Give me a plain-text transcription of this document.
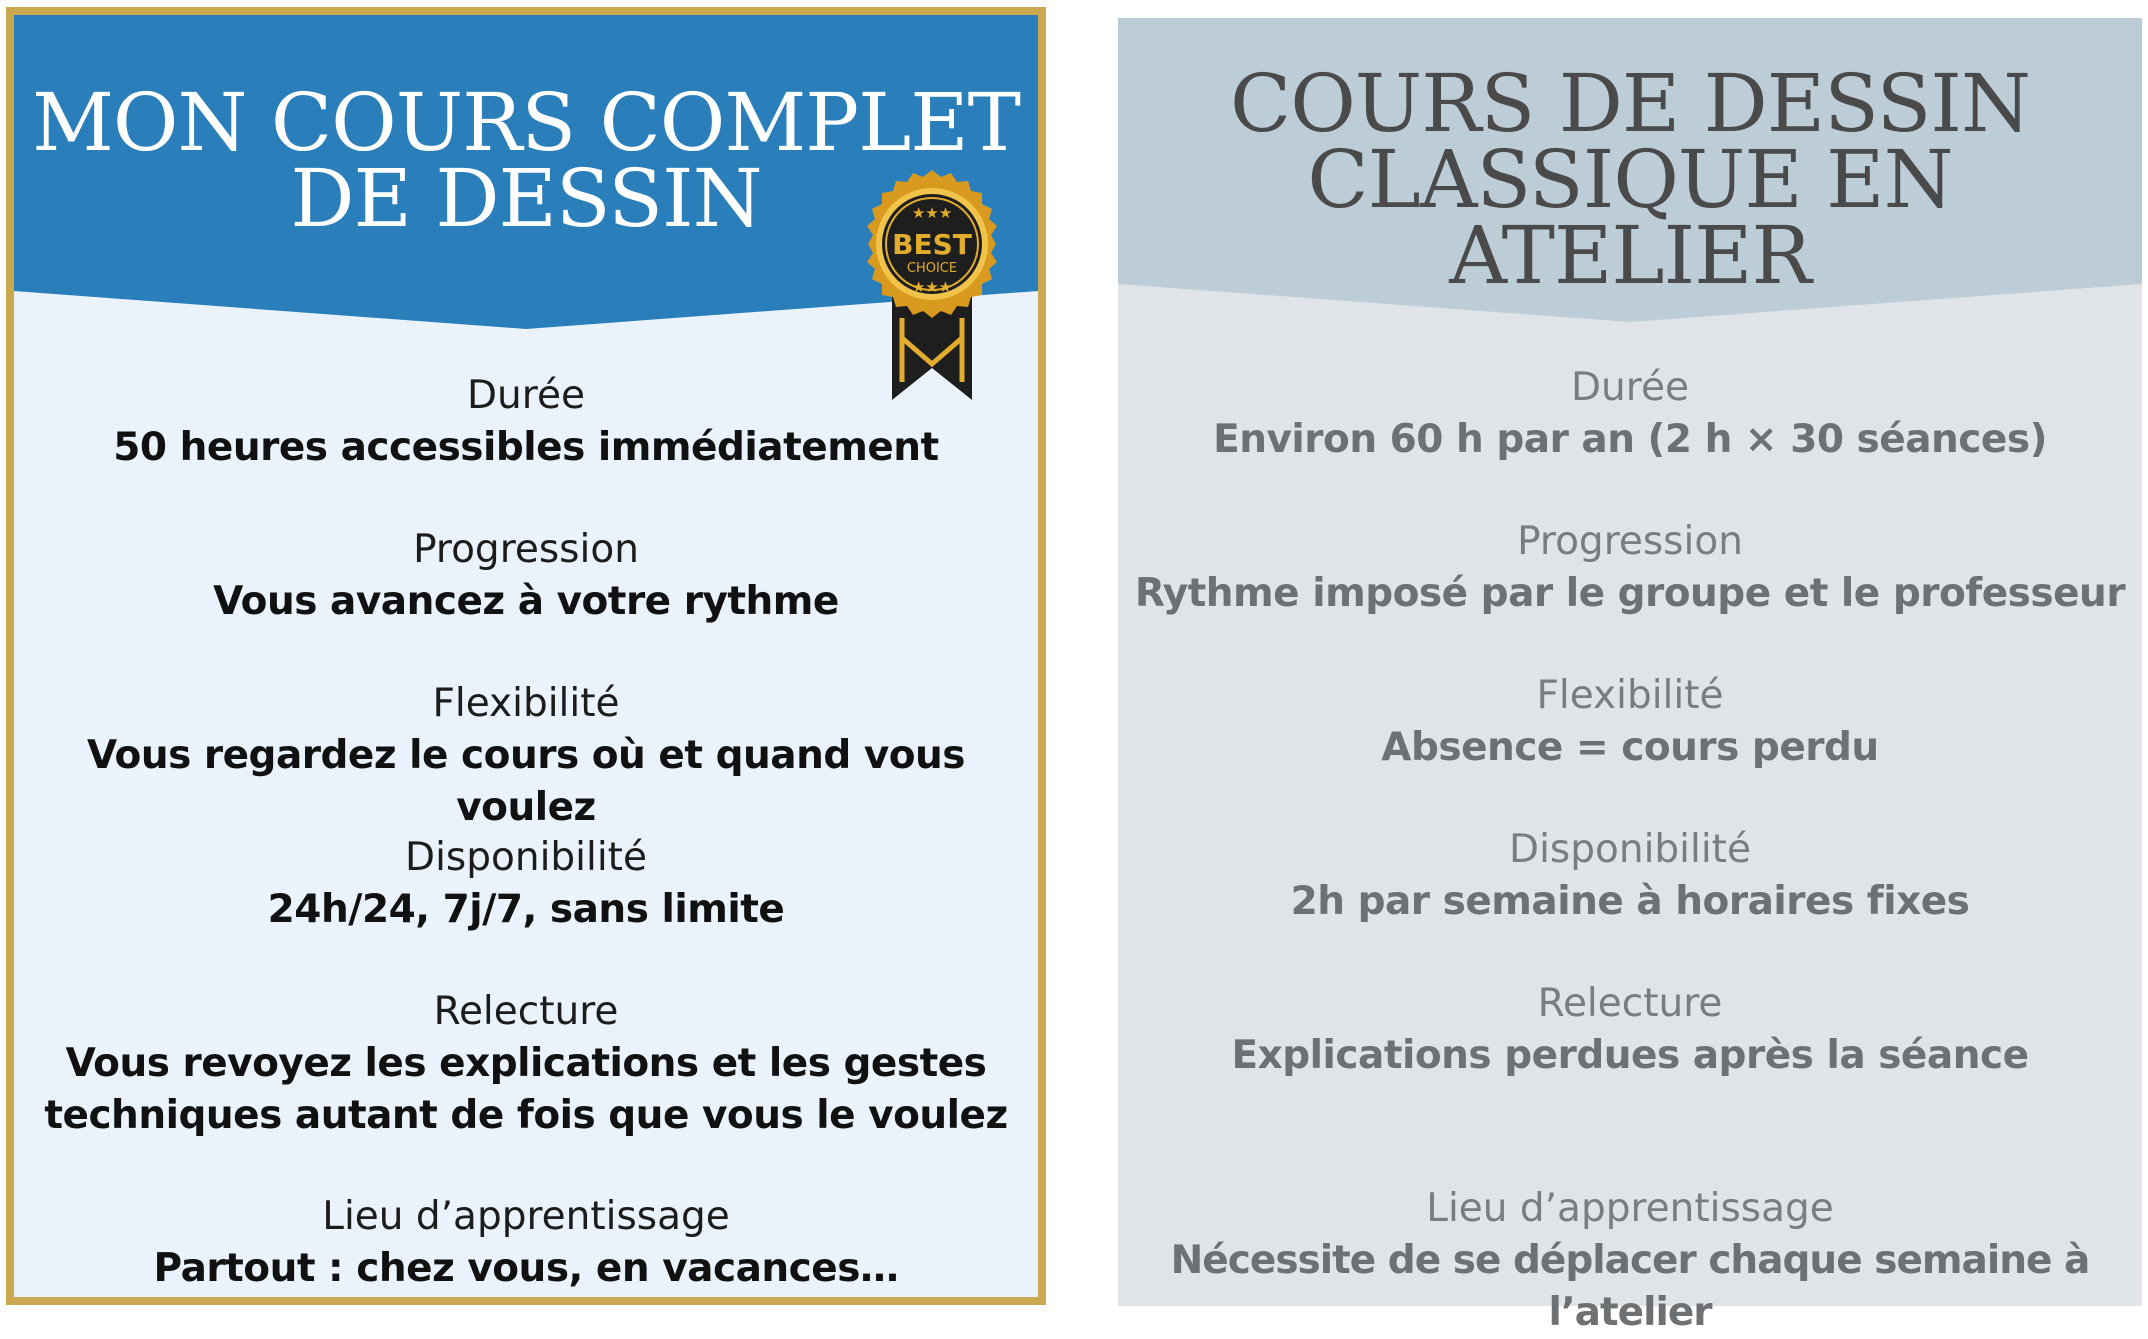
MON COURS COMPLET
DE DESSIN
Durée
50 heures accessibles immédiatement
Progression
Vous avancez à votre rythme
Flexibilité
Vous regardez le cours où et quand vous voulez
Disponibilité
24h/24, 7j/7, sans limite
Relecture
Vous revoyez les explications et les gestes
techniques autant de fois que vous le voulez
Lieu d’apprentissage
Partout : chez vous, en vacances…
★★★
BEST
CHOICE
★★★
COURS DE DESSIN
CLASSIQUE EN ATELIER
Durée
Environ 60 h par an (2 h × 30 séances)
Progression
Rythme imposé par le groupe et le professeur
Flexibilité
Absence = cours perdu
Disponibilité
2h par semaine à horaires fixes
Relecture
Explications perdues après la séance
Lieu d’apprentissage
Nécessite de se déplacer chaque semaine à l’atelier
